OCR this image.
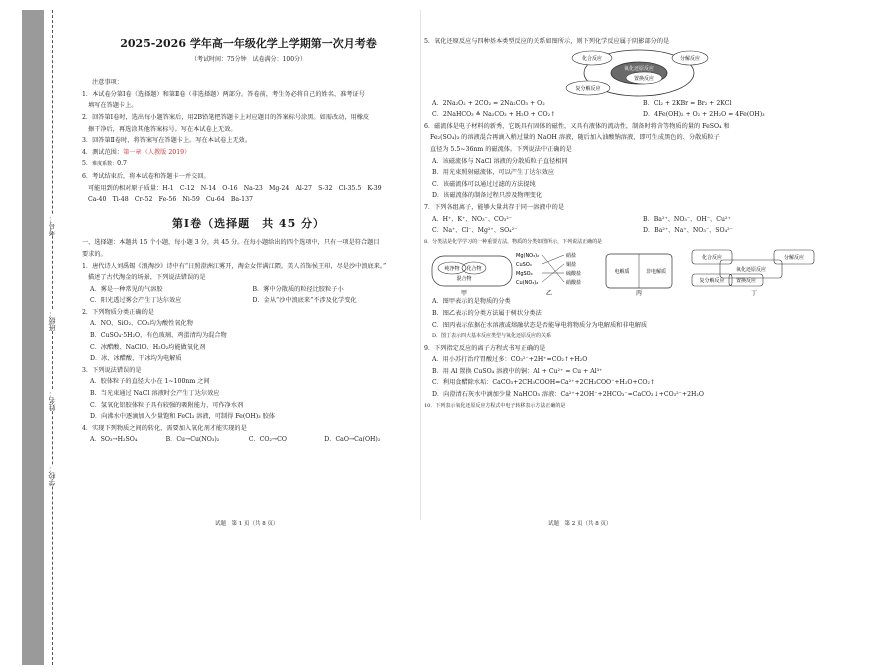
考号：
班级：
姓名：
学校：
2025-2026 学年高一年级化学上学期第一次月考卷
（考试时间：75分钟　试卷满分：100分）
注意事项：
1．本试卷分第Ⅰ卷（选择题）和第Ⅱ卷（非选择题）两部分。答卷前，考生务必将自己的姓名、准考证号
填写在答题卡上。
2．回答第Ⅰ卷时，选出每小题答案后，用2B铅笔把答题卡上对应题目的答案标号涂黑。如需改动，用橡皮
擦干净后，再选涂其他答案标号。写在本试卷上无效。
3．回答第Ⅱ卷时，将答案写在答题卡上。写在本试卷上无效。
4．测试范围：第一章（人教版 2019）
5．难度系数：0.7
6．考试结束后，将本试卷和答题卡一并交回。
可能用到的相对原子质量：H-1　C-12　N-14　O-16　Na-23　Mg-24　Al-27　S-32　Cl-35.5　K-39
Ca-40　Ti-48　Cr-52　Fe-56　Ni-59　Cu-64　Ba-137
第Ⅰ卷（选择题　共 45 分）
一、选择题：本题共 15 个小题，每小题 3 分，共 45 分。在每小题给出的四个选项中，只有一项是符合题目
要求的。
1．唐代诗人刘禹锡《浪淘沙》诗中有“日照澄洲江雾开，淘金女伴满江隈。美人首饰侯王印，尽是沙中浪底来。”
描述了古代淘金的场景，下列说法错误的是
A．雾是一种常见的气溶胶	B．雾中分散质的粒径比胶粒子小
C．阳光透过雾会产生丁达尔效应	D．金从“沙中浪底来”不涉及化学变化
2．下列物质分类正确的是
A．NO、SiO₂、CO₂均为酸性氧化物
B．CuSO₄·5H₂O、有色玻璃、鸡蛋清均为混合物
C．冰醋酸、NaClO、H₂O₂均能做氧化剂
D．冰、冰醋酸、干冰均为电解质
3．下列说法错误的是
A．胶体粒子的直径大小在 1~100nm 之间
B．当光束通过 NaCl 溶液时会产生丁达尔效应
C．氢氧化铝胶体粒子具有较强的吸附能力，可作净水剂
D．向沸水中逐滴加入少量饱和 FeCl₃ 溶液，可制得 Fe(OH)₃ 胶体
4．实现下列物质之间的转化，需要加入氧化剂才能实现的是
A．SO₃→H₂SO₄	B．Cu→Cu(NO₃)₂	C．CO₂→CO	D．CaO→Ca(OH)₂
试题　第 1 页（共 8 页）
5．氧化还原反应与四种基本类型反应的关系如图所示，则下列化学反应属于阴影部分的是
化合反应	分解反应
氧化还原反应
复分解反应
置换反应
A．2Na₂O₂ + 2CO₂ = 2Na₂CO₃ + O₂	B．Cl₂ + 2KBr = Br₂ + 2KCl
C．2NaHCO₃ ≜ Na₂CO₃ + H₂O + CO₂↑	D．4Fe(OH)₂ + O₂ + 2H₂O = 4Fe(OH)₃
6．磁流体是电子材料的新秀，它既具有固体的磁性，又具有液体的流动性，制备时将含等物质的量的 FeSO₄ 和
Fe₂(SO₄)₃ 的溶液混合再滴入稍过量的 NaOH 溶液，随后加入油酸钠溶液，即可生成黑色的、分散质粒子
直径为 5.5~36nm 的磁流体。下列说法中正确的是
A．该磁流体与 NaCl 溶液的分散质粒子直径相同
B．用光束照射磁流体，可以产生丁达尔效应
C．该磁流体可以通过过滤的方法提纯
D．该磁流体的制备过程只涉及物理变化
7．下列各组离子，能够大量共存于同一溶液中的是
A．H⁺、K⁺、NO₃⁻、CO₃²⁻	B．Ba²⁺、NO₃⁻、OH⁻、Cu²⁺
C．Na⁺、Cl⁻、Mg²⁺、SO₄²⁻	D．Ba²⁺、Na⁺、NO₃⁻、SO₄²⁻
8．分类法是化学学习的一种重要方法，物质的分类如图所示，下列说法正确的是
纯净物 化合物
混合物
甲
Mg(NO₃)₂
CuSO₄
MgSO₄
Cu(NO₃)₂
硝盐
铜盐
硫酸盐
硝酸盐
乙
电解质	非电解质
丙
化合反应	分解反应
氧化还原反应
置换反应
复分解反应
丁
A．图甲表示的是物质的分类
B．图乙表示的分类方法属于树状分类法
C．图丙表示依据在水溶液或熔融状态是否能导电将物质分为电解质和非电解质
D．图丁表示四大基本反应类型与氧化还原反应的关系
9．下列指定反应的离子方程式书写正确的是
A．用小苏打治疗胃酸过多：CO₃²⁻+2H⁺=CO₂↑+H₂O
B．用 Al 置换 CuSO₄ 溶液中的铜：Al + Cu²⁺ = Cu + Al³⁺
C．利用食醋除水垢：CaCO₃+2CH₃COOH=Ca²⁺+2CH₃COO⁻+H₂O+CO₂↑
D．向澄清石灰水中滴加少量 NaHCO₃ 溶液：Ca²⁺+2OH⁻+2HCO₃⁻=CaCO₃↓+CO₃²⁻+2H₂O
10．下列表示氧化还原反应方程式中电子转移表示方法正确的是
试题　第 2 页（共 8 页）
